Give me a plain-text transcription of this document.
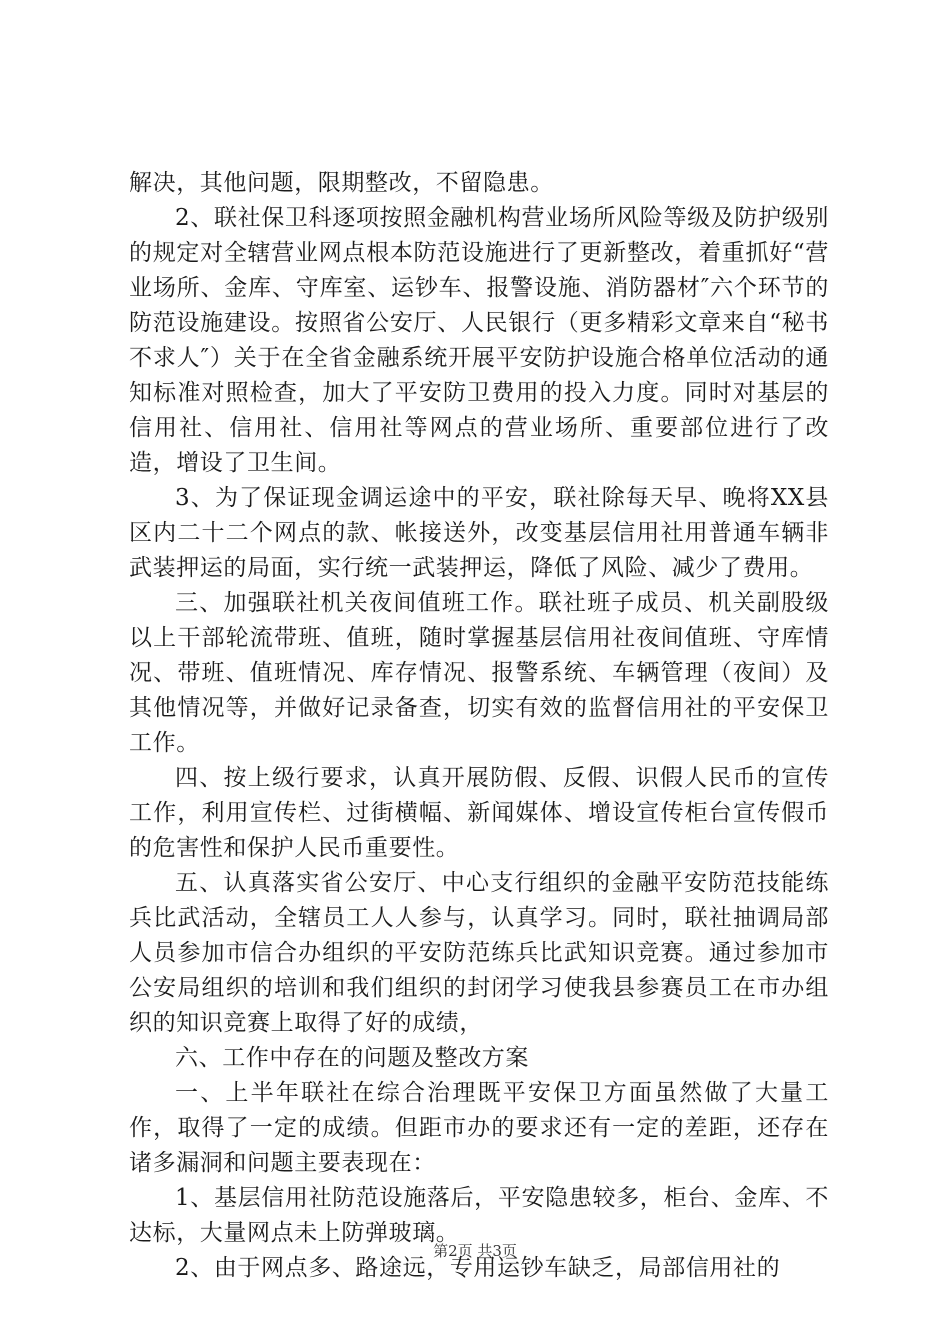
解决，其他问题，限期整改，不留隐患。

2、联社保卫科逐项按照金融机构营业场所风险等级及防护级别的规定对全辖营业网点根本防范设施进行了更新整改，着重抓好“营业场所、金库、守库室、运钞车、报警设施、消防器材″六个环节的防范设施建设。按照省公安厅、人民银行（更多精彩文章来自“秘书不求人″）关于在全省金融系统开展平安防护设施合格单位活动的通知标准对照检查，加大了平安防卫费用的投入力度。同时对基层的信用社、信用社、信用社等网点的营业场所、重要部位进行了改造，增设了卫生间。

3、为了保证现金调运途中的平安，联社除每天早、晚将XX县区内二十二个网点的款、帐接送外，改变基层信用社用普通车辆非武装押运的局面，实行统一武装押运，降低了风险、减少了费用。

三、加强联社机关夜间值班工作。联社班子成员、机关副股级以上干部轮流带班、值班，随时掌握基层信用社夜间值班、守库情况、带班、值班情况、库存情况、报警系统、车辆管理（夜间）及其他情况等，并做好记录备查，切实有效的监督信用社的平安保卫工作。

四、按上级行要求，认真开展防假、反假、识假人民币的宣传工作，利用宣传栏、过街横幅、新闻媒体、增设宣传柜台宣传假币的危害性和保护人民币重要性。

五、认真落实省公安厅、中心支行组织的金融平安防范技能练兵比武活动，全辖员工人人参与，认真学习。同时，联社抽调局部人员参加市信合办组织的平安防范练兵比武知识竞赛。通过参加市公安局组织的培训和我们组织的封闭学习使我县参赛员工在市办组织的知识竞赛上取得了好的成绩，

六、工作中存在的问题及整改方案

一、上半年联社在综合治理既平安保卫方面虽然做了大量工作，取得了一定的成绩。但距市办的要求还有一定的差距，还存在诸多漏洞和问题主要表现在：

1、基层信用社防范设施落后，平安隐患较多，柜台、金库、不达标，大量网点未上防弹玻璃。

2、由于网点多、路途远，专用运钞车缺乏，局部信用社的

第2页 共3页
